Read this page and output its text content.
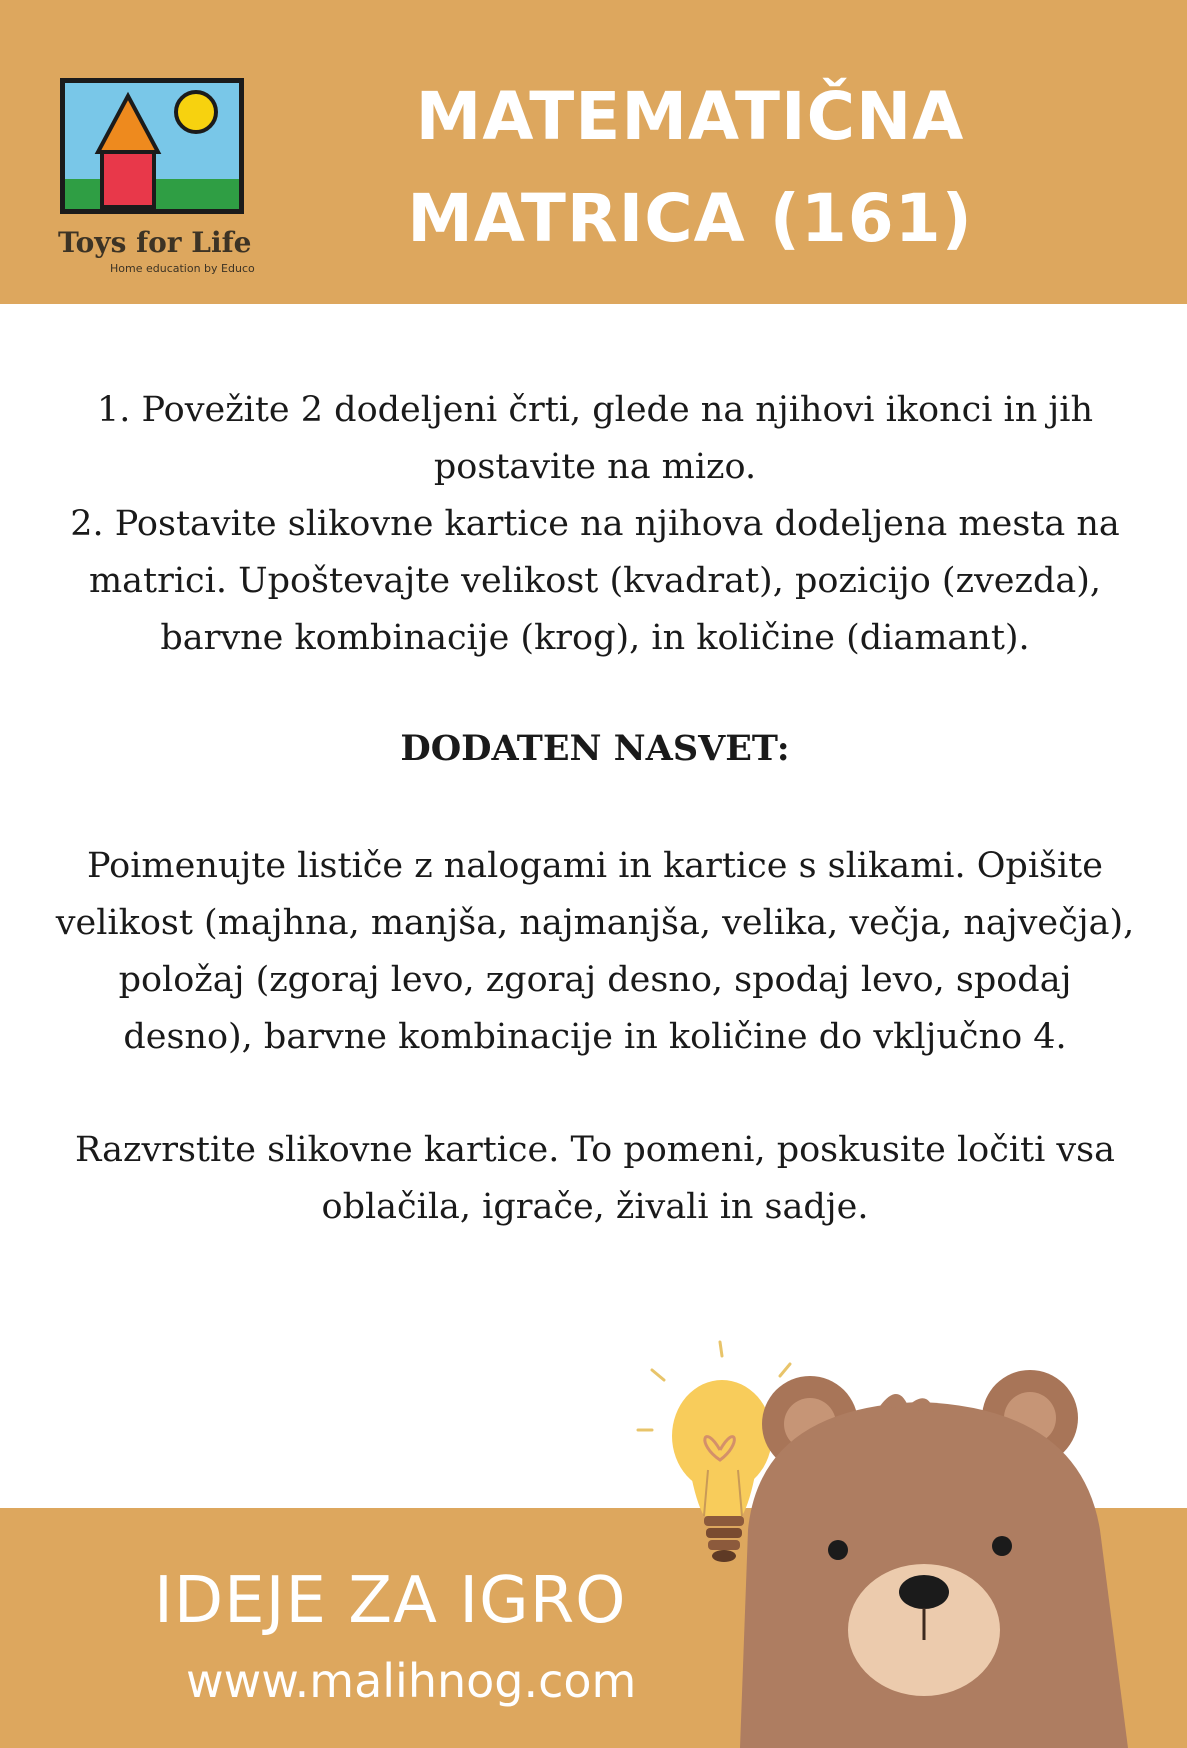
Toys for Life
Home education by Educo
MATEMATIČNA
MATRICA (161)
1. Povežite 2 dodeljeni črti, glede na njihovi ikonci in jih postavite na mizo.
2. Postavite slikovne kartice na njihova dodeljena mesta na matrici. Upoštevajte velikost (kvadrat), pozicijo (zvezda), barvne kombinacije (krog), in količine (diamant).
DODATEN NASVET:
Poimenujte lističe z nalogami in kartice s slikami. Opišite velikost (majhna, manjša, najmanjša, velika, večja, največja), položaj (zgoraj levo, zgoraj desno, spodaj levo, spodaj desno), barvne kombinacije in količine do vključno 4.
Razvrstite slikovne kartice. To pomeni, poskusite ločiti vsa oblačila, igrače, živali in sadje.
IDEJE ZA IGRO
www.malihnog.com
